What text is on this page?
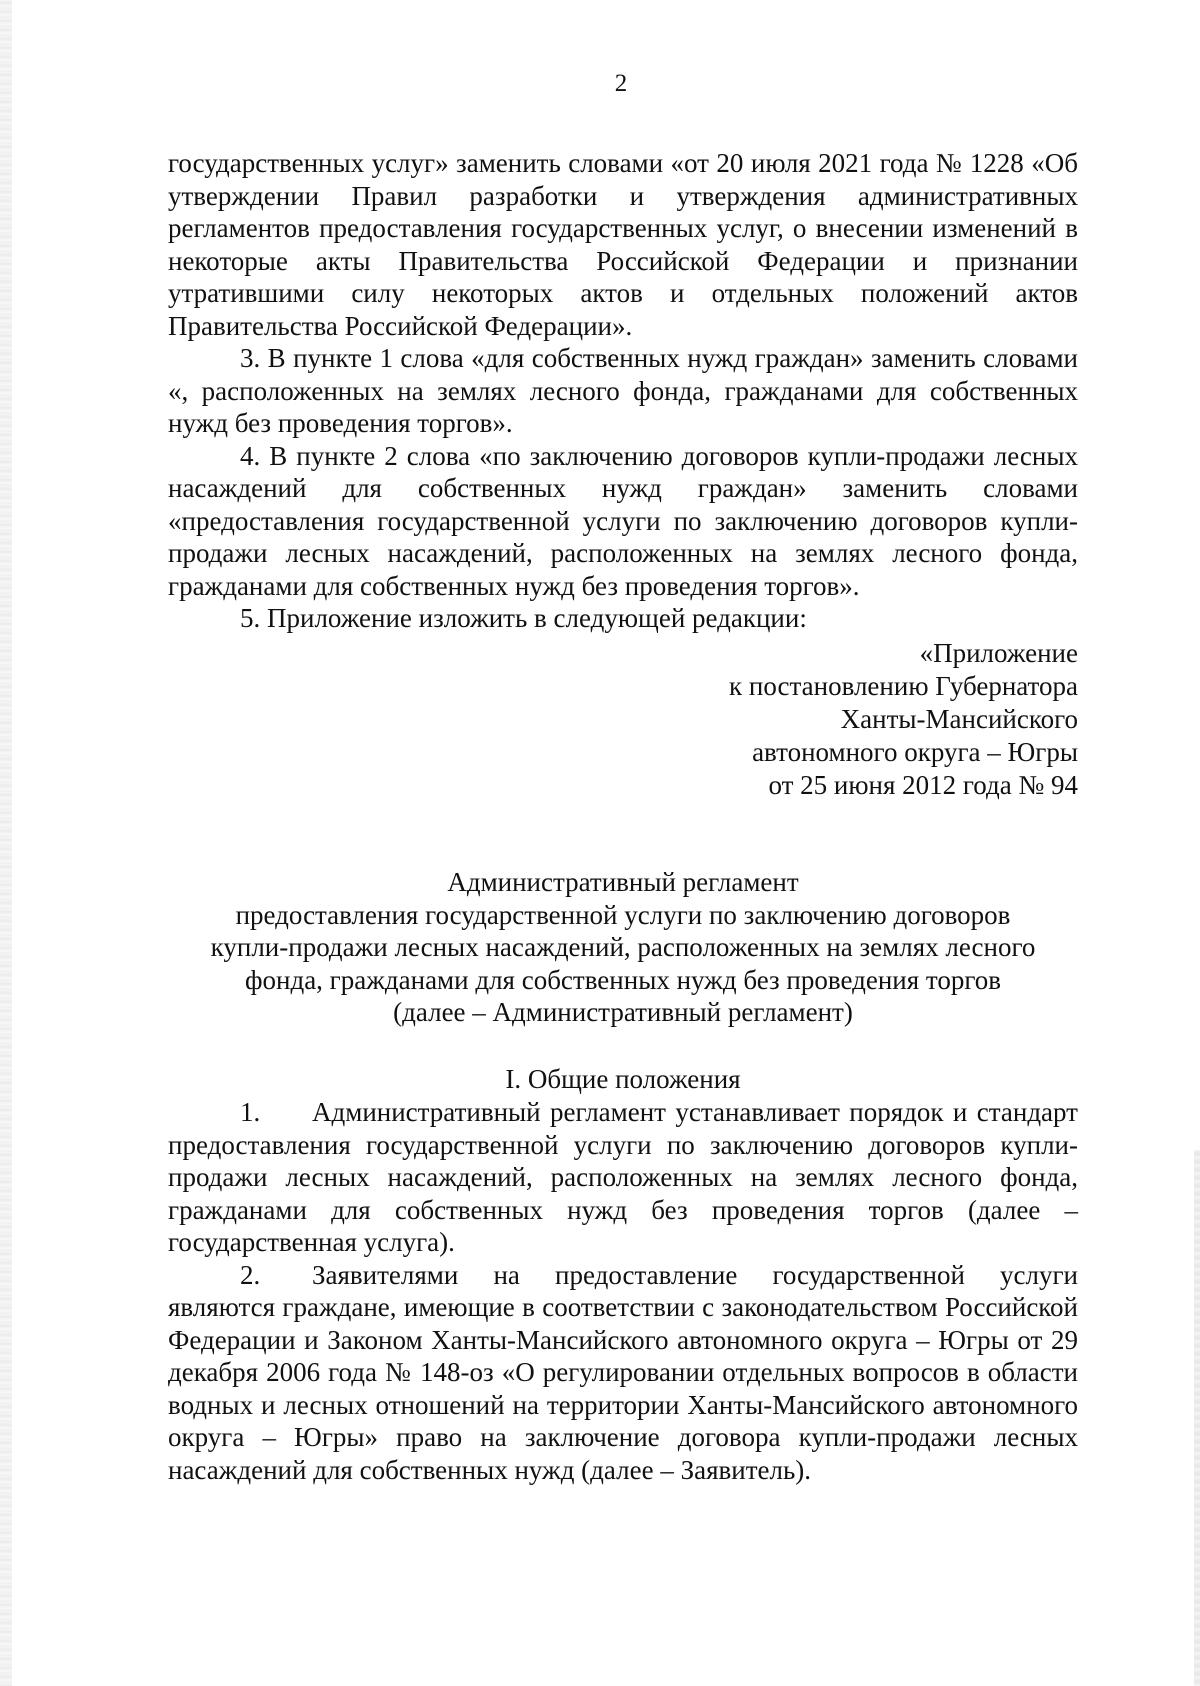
2

государственных услуг» заменить словами «от 20 июля 2021 года № 1228 «Об утверждении Правил разработки и утверждения административных регламентов предоставления государственных услуг, о внесении изменений в некоторые акты Правительства Российской Федерации и признании утратившими силу некоторых актов и отдельных положений актов Правительства Российской Федерации».

3. В пункте 1 слова «для собственных нужд граждан» заменить словами «, расположенных на землях лесного фонда, гражданами для собственных нужд без проведения торгов».

4. В пункте 2 слова «по заключению договоров купли-продажи лесных насаждений для собственных нужд граждан» заменить словами «предоставления государственной услуги по заключению договоров купли-продажи лесных насаждений, расположенных на землях лесного фонда, гражданами для собственных нужд без проведения торгов».

5. Приложение изложить в следующей редакции:

«Приложение
к постановлению Губернатора
Ханты-Мансийского
автономного округа – Югры
от 25 июня 2012 года № 94
Административный регламент
предоставления государственной услуги по заключению договоров
купли-продажи лесных насаждений, расположенных на землях лесного
фонда, гражданами для собственных нужд без проведения торгов
(далее – Административный регламент)
I. Общие положения

1. Административный регламент устанавливает порядок и стандарт предоставления государственной услуги по заключению договоров купли-продажи лесных насаждений, расположенных на землях лесного фонда, гражданами для собственных нужд без проведения торгов (далее – государственная услуга).

2. Заявителями на предоставление государственной услуги являются граждане, имеющие в соответствии с законодательством Российской Федерации и Законом Ханты-Мансийского автономного округа – Югры от 29 декабря 2006 года № 148-оз «О регулировании отдельных вопросов в области водных и лесных отношений на территории Ханты-Мансийского автономного округа – Югры» право на заключение договора купли-продажи лесных насаждений для собственных нужд (далее – Заявитель).
